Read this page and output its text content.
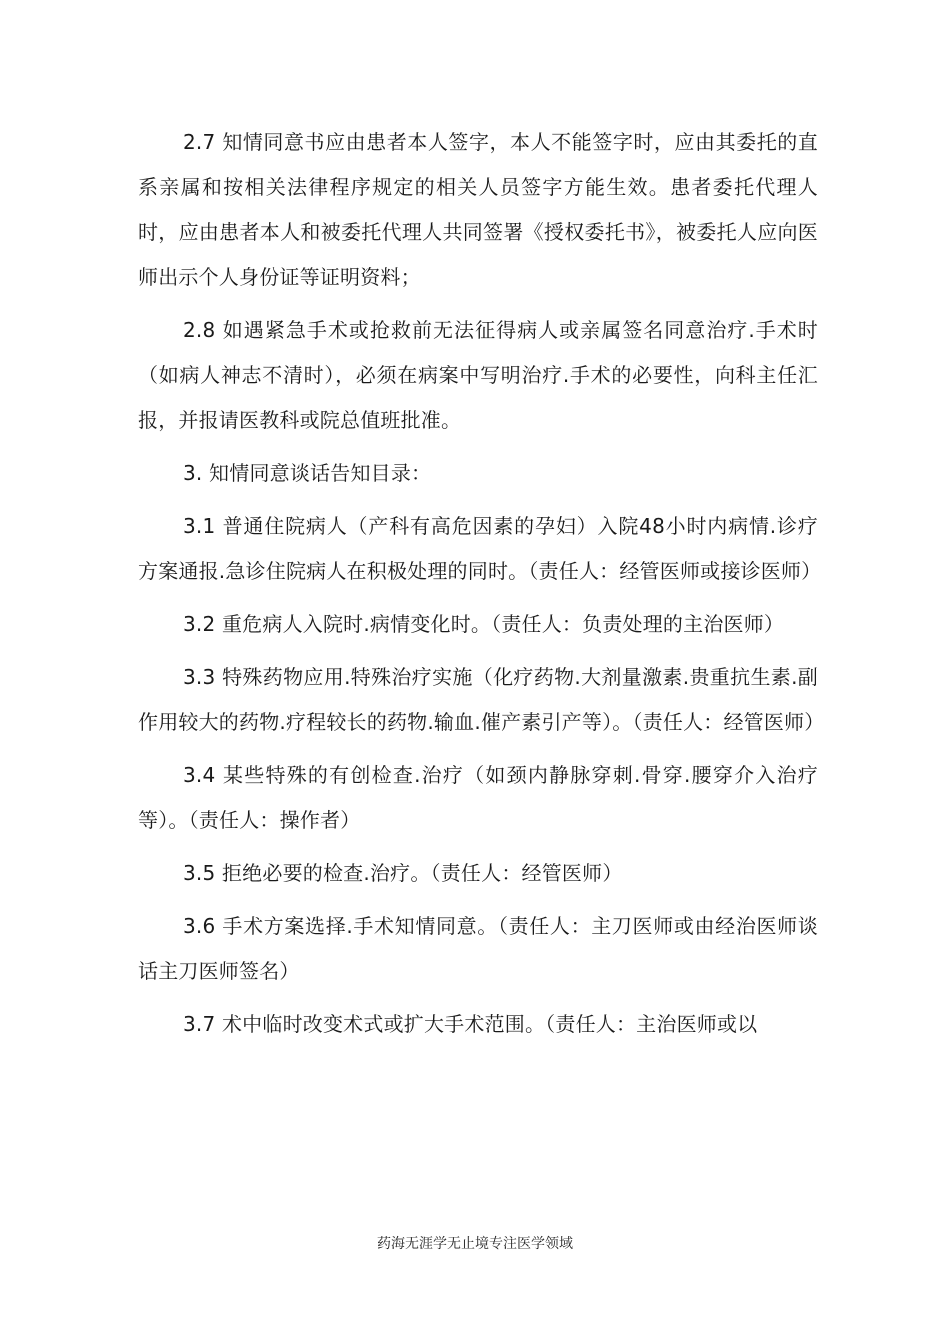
2.7 知情同意书应由患者本人签字，本人不能签字时，应由其委托的直系亲属和按相关法律程序规定的相关人员签字方能生效。患者委托代理人时，应由患者本人和被委托代理人共同签署《授权委托书》，被委托人应向医师出示个人身份证等证明资料；

2.8 如遇紧急手术或抢救前无法征得病人或亲属签名同意治疗.手术时（如病人神志不清时），必须在病案中写明治疗.手术的必要性，向科主任汇报，并报请医教科或院总值班批准。

3. 知情同意谈话告知目录：

3.1 普通住院病人（产科有高危因素的孕妇）入院48小时内病情.诊疗方案通报.急诊住院病人在积极处理的同时。（责任人：经管医师或接诊医师）

3.2 重危病人入院时.病情变化时。（责任人：负责处理的主治医师）

3.3 特殊药物应用.特殊治疗实施（化疗药物.大剂量激素.贵重抗生素.副作用较大的药物.疗程较长的药物.输血.催产素引产等）。（责任人：经管医师）

3.4 某些特殊的有创检查.治疗（如颈内静脉穿刺.骨穿.腰穿介入治疗等）。（责任人：操作者）

3.5 拒绝必要的检查.治疗。（责任人：经管医师）

3.6 手术方案选择.手术知情同意。（责任人：主刀医师或由经治医师谈话主刀医师签名）

3.7 术中临时改变术式或扩大手术范围。（责任人：主治医师或以

药海无涯学无止境专注医学领域
